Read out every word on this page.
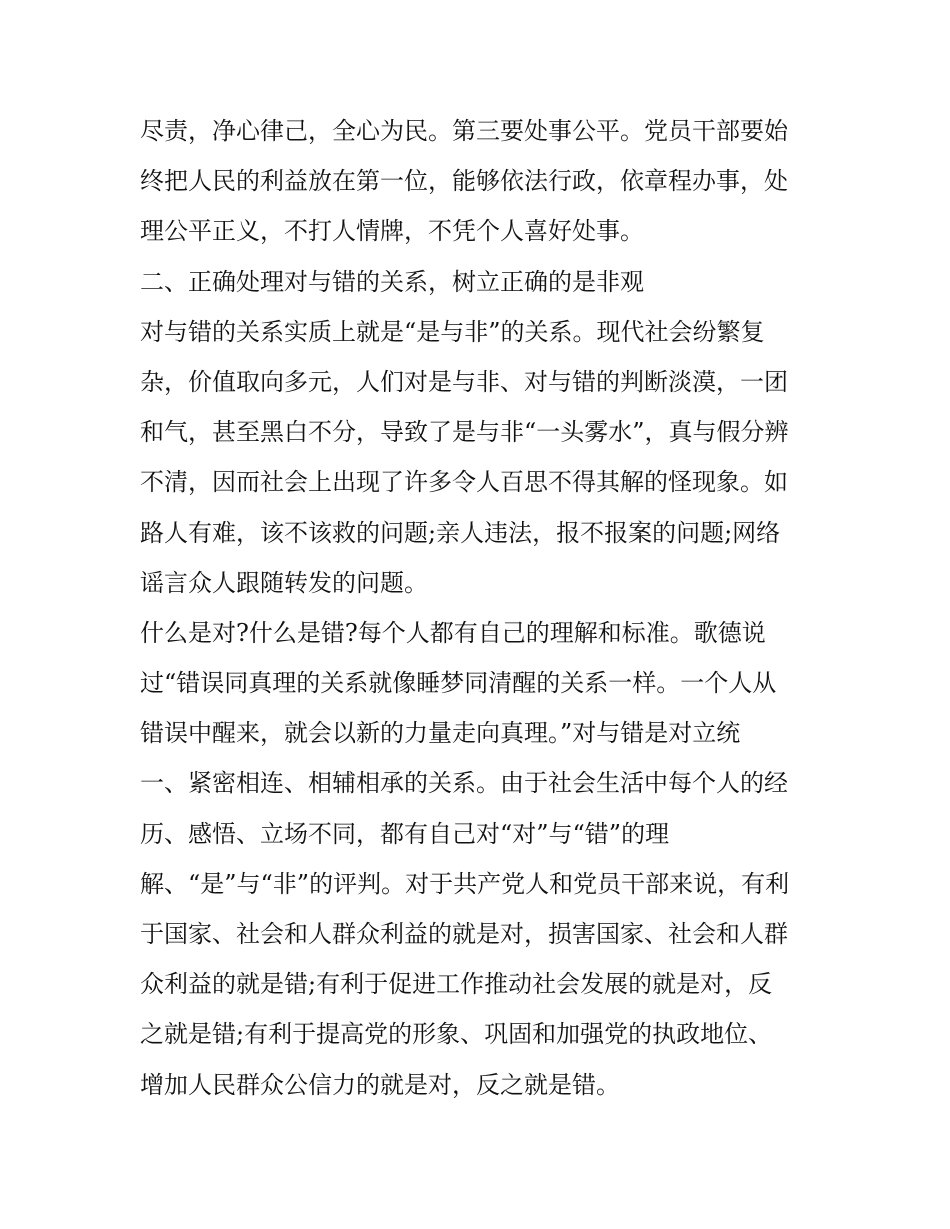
尽责，净心律己，全心为民。第三要处事公平。党员干部要始

终把人民的利益放在第一位，能够依法行政，依章程办事，处

理公平正义，不打人情牌，不凭个人喜好处事。

二、正确处理对与错的关系，树立正确的是非观

对与错的关系实质上就是“是与非”的关系。现代社会纷繁复

杂，价值取向多元，人们对是与非、对与错的判断淡漠，一团

和气，甚至黑白不分，导致了是与非“一头雾水”，真与假分辨

不清，因而社会上出现了许多令人百思不得其解的怪现象。如

路人有难，该不该救的问题;亲人违法，报不报案的问题;网络

谣言众人跟随转发的问题。

什么是对?什么是错?每个人都有自己的理解和标准。歌德说

过“错误同真理的关系就像睡梦同清醒的关系一样。一个人从

错误中醒来，就会以新的力量走向真理。”对与错是对立统

一、紧密相连、相辅相承的关系。由于社会生活中每个人的经

历、感悟、立场不同，都有自己对“对”与“错”的理

解、“是”与“非”的评判。对于共产党人和党员干部来说，有利

于国家、社会和人群众利益的就是对，损害国家、社会和人群

众利益的就是错;有利于促进工作推动社会发展的就是对，反

之就是错;有利于提高党的形象、巩固和加强党的执政地位、

增加人民群众公信力的就是对，反之就是错。
